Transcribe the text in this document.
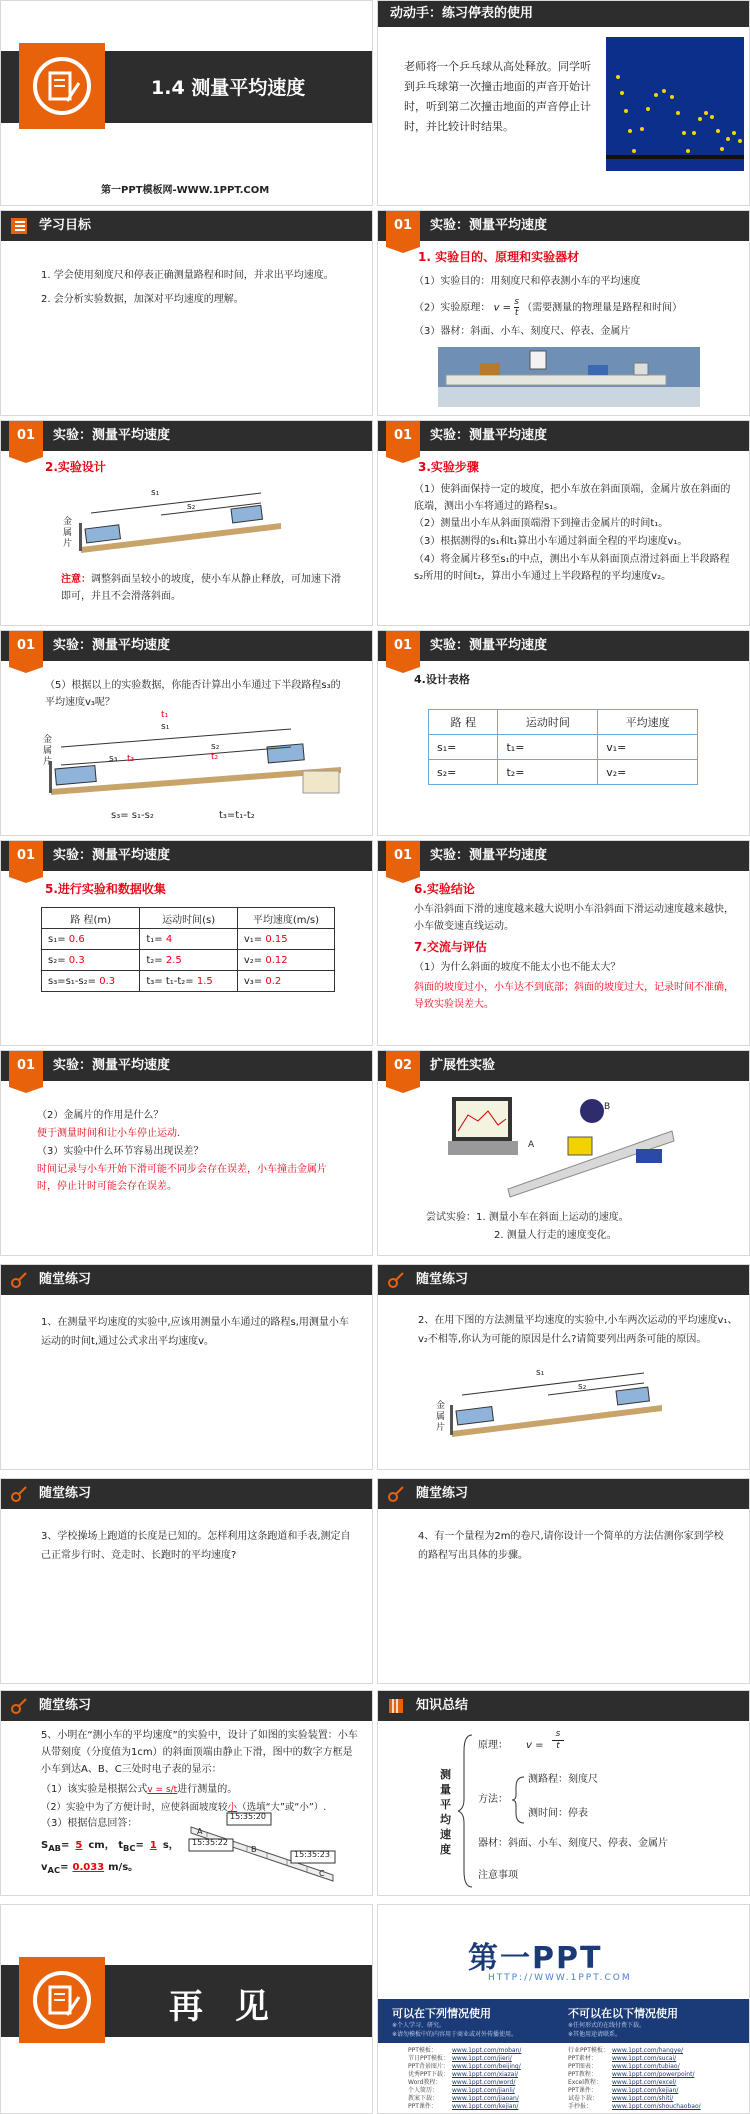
1.4 测量平均速度
第一PPT模板网-WWW.1PPT.COM
动动手：练习停表的使用
老师将一个乒乓球从高处释放。同学听到乒乓球第一次撞击地面的声音开始计时，听到第二次撞击地面的声音停止计时，并比较计时结果。
学习目标
1. 学会使用刻度尺和停表正确测量路程和时间，并求出平均速度。
2. 会分析实验数据，加深对平均速度的理解。
01	实验：测量平均速度
1. 实验目的、原理和实验器材
（1）实验目的：用刻度尺和停表测小车的平均速度
（2）实验原理： $v = \frac{s}{t}$ （需要测量的物理量是路程和时间）
（3）器材：斜面、小车、刻度尺、停表、金属片
01	实验：测量平均速度
2.实验设计
金属片
s₁
s₂
注意：调整斜面呈较小的坡度，使小车从静止释放，可加速下滑即可，并且不会滑落斜面。
01	实验：测量平均速度
3.实验步骤
（1）使斜面保持一定的坡度，把小车放在斜面顶端，金属片放在斜面的底端，测出小车将通过的路程s₁。
（2）测量出小车从斜面顶端滑下到撞击金属片的时间t₁。
（3）根据测得的s₁和t₁算出小车通过斜面全程的平均速度v₁。
（4）将金属片移至s₁的中点，测出小车从斜面顶点滑过斜面上半段路程s₂所用的时间t₂，算出小车通过上半段路程的平均速度v₂。
01	实验：测量平均速度
（5）根据以上的实验数据，你能否计算出小车通过下半段路程s₃的平均速度v₃呢？
金属片
t₁
s₁
s₂
t₂
s₃ t₃
s₃= s₁-s₂	t₃=t₁-t₂
01	实验：测量平均速度
4.设计表格
路 程	运动时间	平均速度
s₁=	t₁=	v₁=
s₂=	t₂=	v₂=
01	实验：测量平均速度
5.进行实验和数据收集
路 程(m)	运动时间(s)	平均速度(m/s)
s₁= 0.6	t₁= 4	v₁= 0.15
s₂= 0.3	t₂= 2.5	v₂= 0.12
s₃=s₁-s₂= 0.3	t₃= t₁-t₂= 1.5	v₃= 0.2
01	实验：测量平均速度
6.实验结论
小车沿斜面下滑的速度越来越大说明小车沿斜面下滑运动速度越来越快，小车做变速直线运动。
7.交流与评估
（1）为什么斜面的坡度不能太小也不能太大？
斜面的坡度过小，小车达不到底部；斜面的坡度过大，记录时间不准确，导致实验误差大。
01	实验：测量平均速度
（2）金属片的作用是什么？
便于测量时间和让小车停止运动.
（3）实验中什么环节容易出现误差？
时间记录与小车开始下滑可能不同步会存在误差，小车撞击金属片时，停止计时可能会存在误差。
02	扩展性实验
A
B
尝试实验：1. 测量小车在斜面上运动的速度。
2. 测量人行走的速度变化。
随堂练习
1、在测量平均速度的实验中,应该用测量小车通过的路程s,用测量小车运动的时间t,通过公式求出平均速度v。
随堂练习
2、在用下图的方法测量平均速度的实验中,小车两次运动的平均速度v₁、v₂不相等,你认为可能的原因是什么?请简要列出两条可能的原因。
金属片
s₁
s₂
随堂练习
3、学校操场上跑道的长度是已知的。怎样利用这条跑道和手表,测定自己正常步行时、竞走时、长跑时的平均速度?
随堂练习
4、有一个量程为2m的卷尺,请你设计一个简单的方法估测你家到学校的路程写出具体的步骤。
随堂练习
5、小明在“测小车的平均速度”的实验中，设计了如图的实验装置：小车从带刻度（分度值为1cm）的斜面顶端由静止下滑，图中的数字方框是小车到达A、B、C三处时电子表的显示：
（1）该实验是根据公式v = s/t进行测量的。
（2）实验中为了方便计时，应使斜面坡度较小（选填“大”或“小”）.
（3）根据信息回答：
$S_{AB}= 5$ cm， $t_{BC}= 1$ s，
$v_{AC}= 0.033$ m/s。
15:35:20
15:35:22
15:35:23
A
B
C
知识总结
测量平均速度
原理： v =
s
t
方法：
测路程：刻度尺
测时间：停表
器材：斜面、小车、刻度尺、停表、金属片
注意事项
再 见
第一PPT
HTTP://WWW.1PPT.COM
可以在下列情况使用
※个人学习、研究。
※请勿模板中的内容用于商业或对外传播使用。
不可以在以下情况使用
※任何形式的在线付费下载。
※其他用途请联系。
PPT模板：	www.1ppt.com/moban/
节日PPT模板： www.1ppt.com/jieri/
PPT背景图片： www.1ppt.com/beijing/
优秀PPT下载： www.1ppt.com/xiazai/
Word教程： www.1ppt.com/word/
个人简历： www.1ppt.com/jianli/
教案下载： www.1ppt.com/jiaoan/
PPT课件：	www.1ppt.com/kejian/
行业PPT模板： www.1ppt.com/hangye/
PPT素材：	www.1ppt.com/sucai/
PPT图表：	www.1ppt.com/tubiao/
PPT教程：	www.1ppt.com/powerpoint/
Excel教程： www.1ppt.com/excel/
PPT课件：	www.1ppt.com/kejian/
试卷下载： www.1ppt.com/shiti/
手抄报：	www.1ppt.com/shouchaobao/
